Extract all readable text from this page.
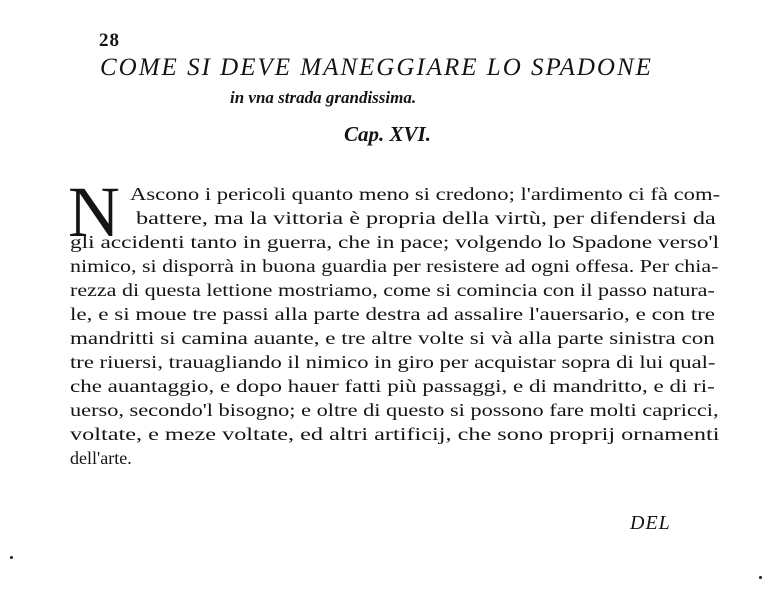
28
COME SI DEVE MANEGGIARE LO SPADONE
in vna strada grandissima.
Cap. XVI.
N Ascono i pericoli quanto meno si credono; l'ardimento ci fà com-
battere, ma la vittoria è propria della virtù, per difendersi da
gli accidenti tanto in guerra, che in pace; volgendo lo Spadone verso'l
nimico, si disporrà in buona guardia per resistere ad ogni offesa. Per chia-
rezza di questa lettione mostriamo, come si comincia con il passo natura-
le, e si moue tre passi alla parte destra ad assalire l'auersario, e con tre
mandritti si camina auante, e tre altre volte si và alla parte sinistra con
tre riuersi, trauagliando il nimico in giro per acquistar sopra di lui qual-
che auantaggio, e dopo hauer fatti più passaggi, e di mandritto, e di ri-
uerso, secondo'l bisogno; e oltre di questo si possono fare molti capricci,
voltate, e meze voltate, ed altri artificij, che sono proprij ornamenti
dell'arte.
DEL
